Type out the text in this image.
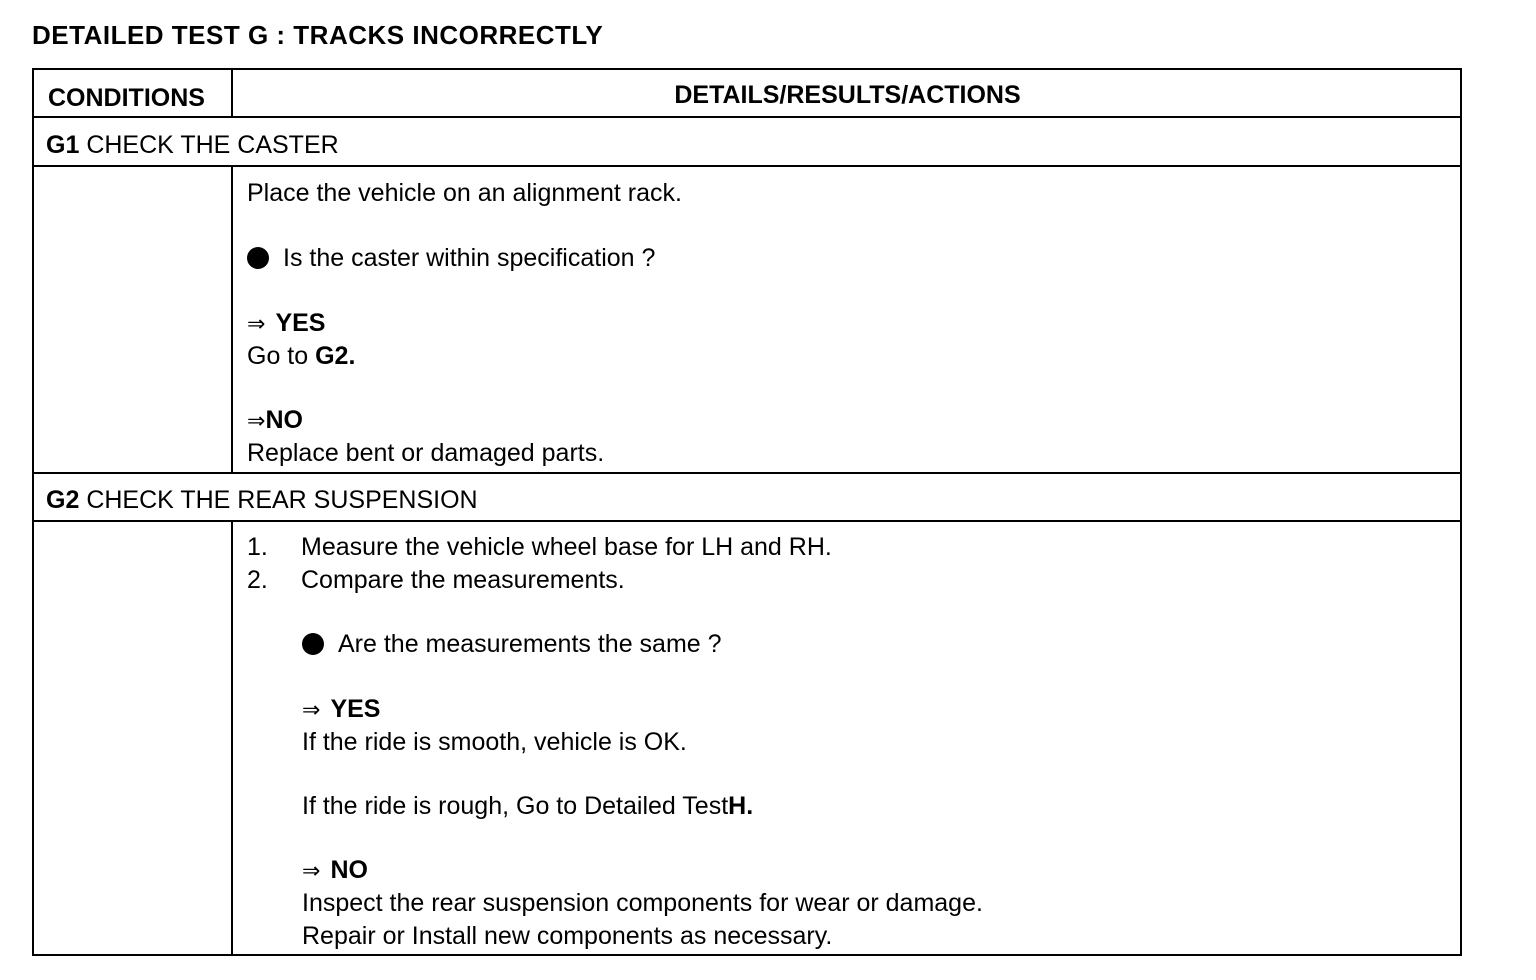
DETAILED TEST G : TRACKS INCORRECTLY
CONDITIONS	DETAILS/RESULTS/ACTIONS
G1 CHECK THE CASTER
Place the vehicle on an alignment rack.
Is the caster within specification ?
⇒ YES
Go to G2.
⇒NO
Replace bent or damaged parts.
G2 CHECK THE REAR SUSPENSION
1. Measure the vehicle wheel base for LH and RH.
2. Compare the measurements.
Are the measurements the same ?
⇒ YES
If the ride is smooth, vehicle is OK.
If the ride is rough, Go to Detailed TestH.
⇒ NO
Inspect the rear suspension components for wear or damage.
Repair or Install new components as necessary.
